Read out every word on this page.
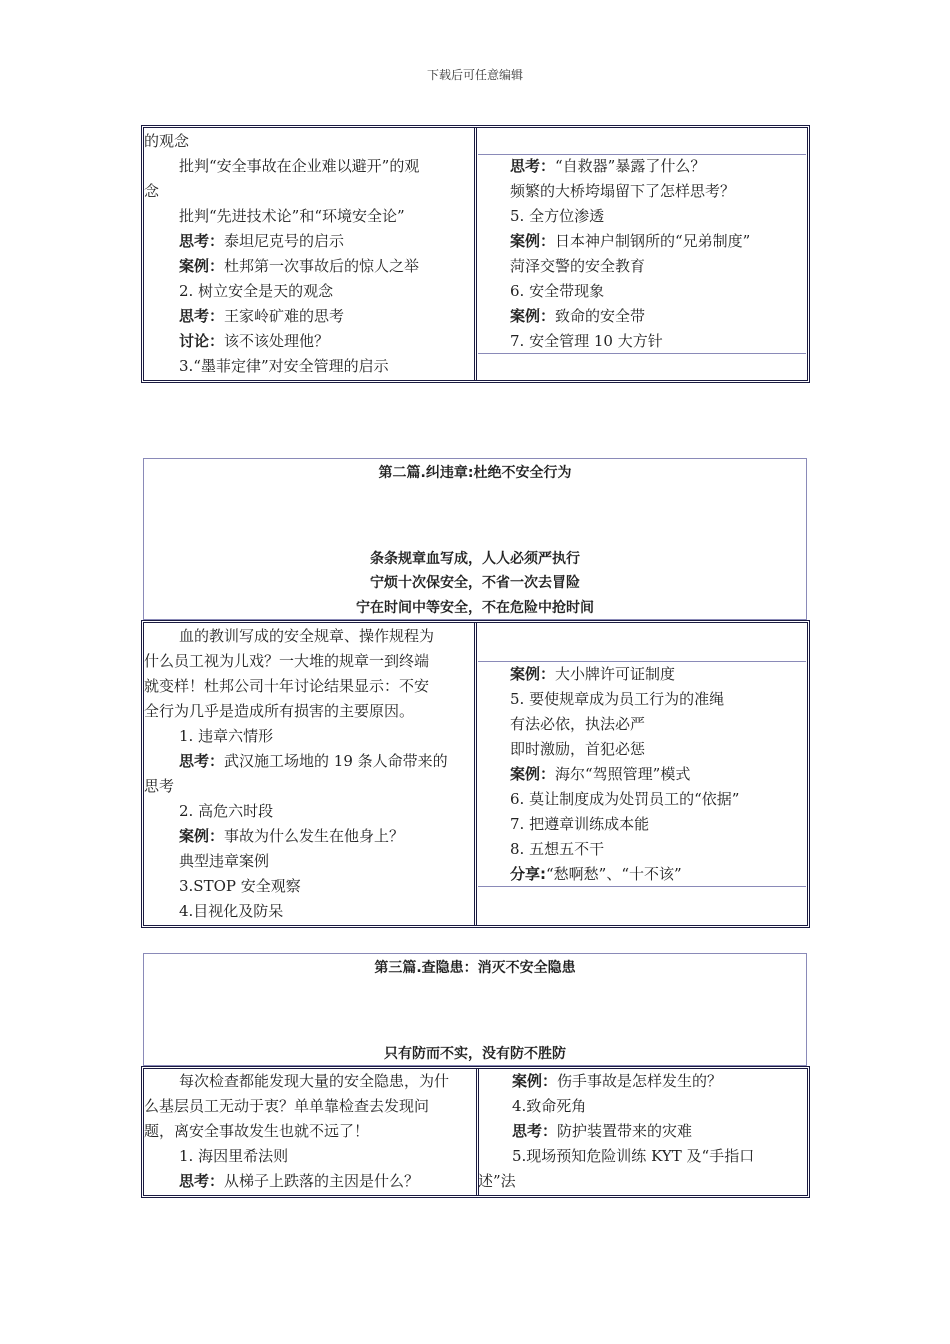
下载后可任意编辑
的观念
批判“安全事故在企业难以避开”的观
念
批判“先进技术论”和“环境安全论”
思考：泰坦尼克号的启示
案例：杜邦第一次事故后的惊人之举
2. 树立安全是天的观念
思考：王家岭矿难的思考
讨论：该不该处理他？
3.“墨菲定律”对安全管理的启示
思考：“自救器”暴露了什么？
频繁的大桥垮塌留下了怎样思考？
5. 全方位渗透
案例：日本神户制钢所的“兄弟制度”
菏泽交警的安全教育
6. 安全带现象
案例：致命的安全带
7. 安全管理 10 大方针
第二篇.纠违章:杜绝不安全行为
条条规章血写成，人人必须严执行
宁烦十次保安全，不省一次去冒险
宁在时间中等安全，不在危险中抢时间
血的教训写成的安全规章、操作规程为
什么员工视为儿戏？一大堆的规章一到终端
就变样！杜邦公司十年讨论结果显示：不安
全行为几乎是造成所有损害的主要原因。
1. 违章六情形
思考：武汉施工场地的 19 条人命带来的
思考
2. 高危六时段
案例：事故为什么发生在他身上？
典型违章案例
3.STOP 安全观察
4.目视化及防呆
案例：大小牌许可证制度
5. 要使规章成为员工行为的准绳
有法必依，执法必严
即时激励，首犯必惩
案例：海尔“驾照管理”模式
6. 莫让制度成为处罚员工的“依据”
7. 把遵章训练成本能
8. 五想五不干
分享:“愁啊愁”、“十不该”
第三篇.查隐患：消灭不安全隐患
只有防而不实，没有防不胜防
每次检查都能发现大量的安全隐患，为什
么基层员工无动于衷？单单靠检查去发现问
题，离安全事故发生也就不远了！
1. 海因里希法则
思考：从梯子上跌落的主因是什么？
案例：伤手事故是怎样发生的？
4.致命死角
思考：防护装置带来的灾难
5.现场预知危险训练 KYT 及“手指口
述”法
